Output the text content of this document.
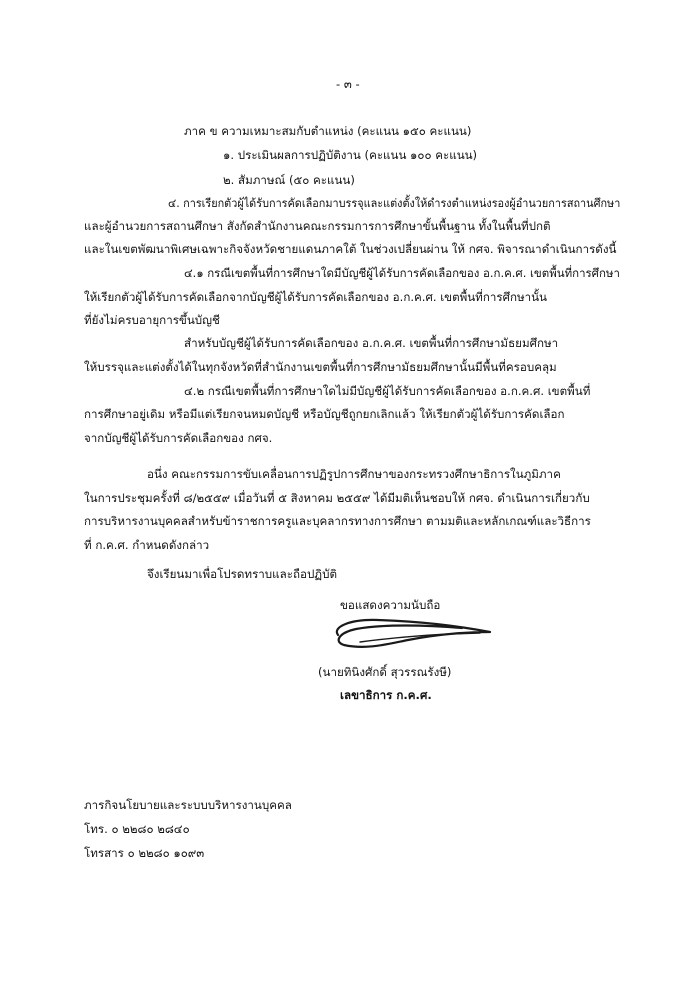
- ๓ -
ภาค ข ความเหมาะสมกับตำแหน่ง (คะแนน ๑๕๐ คะแนน)
๑. ประเมินผลการปฏิบัติงาน (คะแนน ๑๐๐ คะแนน)
๒. สัมภาษณ์ (๕๐ คะแนน)
๔. การเรียกตัวผู้ได้รับการคัดเลือกมาบรรจุและแต่งตั้งให้ดำรงตำแหน่งรองผู้อำนวยการสถานศึกษา
และผู้อำนวยการสถานศึกษา สังกัดสำนักงานคณะกรรมการการศึกษาขั้นพื้นฐาน ทั้งในพื้นที่ปกติ
และในเขตพัฒนาพิเศษเฉพาะกิจจังหวัดชายแดนภาคใต้ ในช่วงเปลี่ยนผ่าน ให้ กศจ. พิจารณาดำเนินการดังนี้
๔.๑ กรณีเขตพื้นที่การศึกษาใดมีบัญชีผู้ได้รับการคัดเลือกของ อ.ก.ค.ศ. เขตพื้นที่การศึกษา
ให้เรียกตัวผู้ได้รับการคัดเลือกจากบัญชีผู้ได้รับการคัดเลือกของ อ.ก.ค.ศ. เขตพื้นที่การศึกษานั้น
ที่ยังไม่ครบอายุการขึ้นบัญชี
สำหรับบัญชีผู้ได้รับการคัดเลือกของ อ.ก.ค.ศ. เขตพื้นที่การศึกษามัธยมศึกษา
ให้บรรจุและแต่งตั้งได้ในทุกจังหวัดที่สำนักงานเขตพื้นที่การศึกษามัธยมศึกษานั้นมีพื้นที่ครอบคลุม
๔.๒ กรณีเขตพื้นที่การศึกษาใดไม่มีบัญชีผู้ได้รับการคัดเลือกของ อ.ก.ค.ศ. เขตพื้นที่
การศึกษาอยู่เดิม หรือมีแต่เรียกจนหมดบัญชี หรือบัญชีถูกยกเลิกแล้ว ให้เรียกตัวผู้ได้รับการคัดเลือก
จากบัญชีผู้ได้รับการคัดเลือกของ กศจ.
อนึ่ง คณะกรรมการขับเคลื่อนการปฏิรูปการศึกษาของกระทรวงศึกษาธิการในภูมิภาค
ในการประชุมครั้งที่ ๘/๒๕๕๙ เมื่อวันที่ ๕ สิงหาคม ๒๕๕๙ ได้มีมติเห็นชอบให้ กศจ. ดำเนินการเกี่ยวกับ
การบริหารงานบุคคลสำหรับข้าราชการครูและบุคลากรทางการศึกษา ตามมติและหลักเกณฑ์และวิธีการ
ที่ ก.ค.ศ. กำหนดดังกล่าว
จึงเรียนมาเพื่อโปรดทราบและถือปฏิบัติ
ขอแสดงความนับถือ
(นายทินิงศักดิ์ สุวรรณรังษี)
เลขาธิการ ก.ค.ศ.
ภารกิจนโยบายและระบบบริหารงานบุคคล
โทร. ๐ ๒๒๘๐ ๒๘๔๐
โทรสาร ๐ ๒๒๘๐ ๑๐๙๓
